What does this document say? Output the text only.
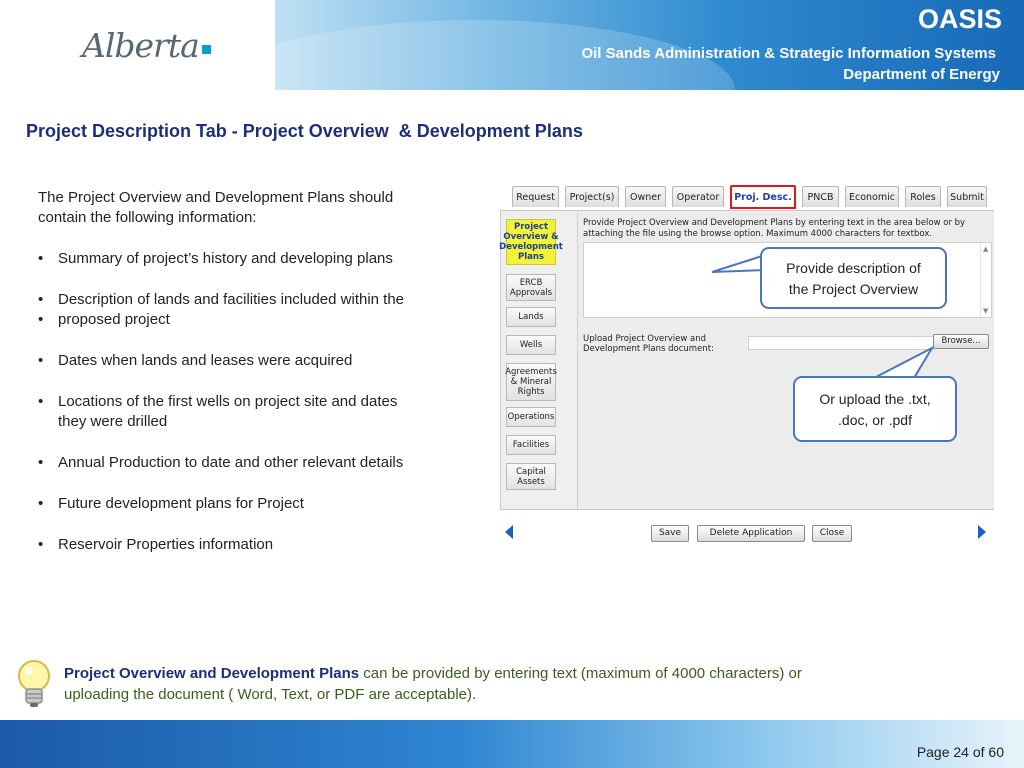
Alberta
OASIS
Oil Sands Administration & Strategic Information Systems
Department of Energy
Project Description Tab - Project Overview  & Development Plans
The Project Overview and Development Plans should
contain the following information:
• Summary of project’s history and developing plans
• Description of lands and facilities included within the
• proposed project
• Dates when lands and leases were acquired
• Locations of the first wells on project site and dates
they were drilled
• Annual Production to date and other relevant details
• Future development plans for Project
• Reservoir Properties information
Request	Project(s)	Owner	Operator	Proj. Desc.	PNCB	Economic	Roles	Submit
Project
Overview &
Development
Plans
ERCB
Approvals
Lands
Wells
Agreements
& Mineral
Rights
Operations
Facilities
Capital
Assets
Provide Project Overview and Development Plans by entering text in the area below or by
attaching the file using the browse option. Maximum 4000 characters for textbox.
▲
▼
Upload Project Overview and
Development Plans document:
Browse...
Save	Delete Application	Close
Provide description of
the Project Overview
Or upload the .txt,
.doc, or .pdf
Project Overview and Development Plans can be provided by entering text (maximum of 4000 characters) or
uploading the document ( Word, Text, or PDF are acceptable).
Page 24 of 60
